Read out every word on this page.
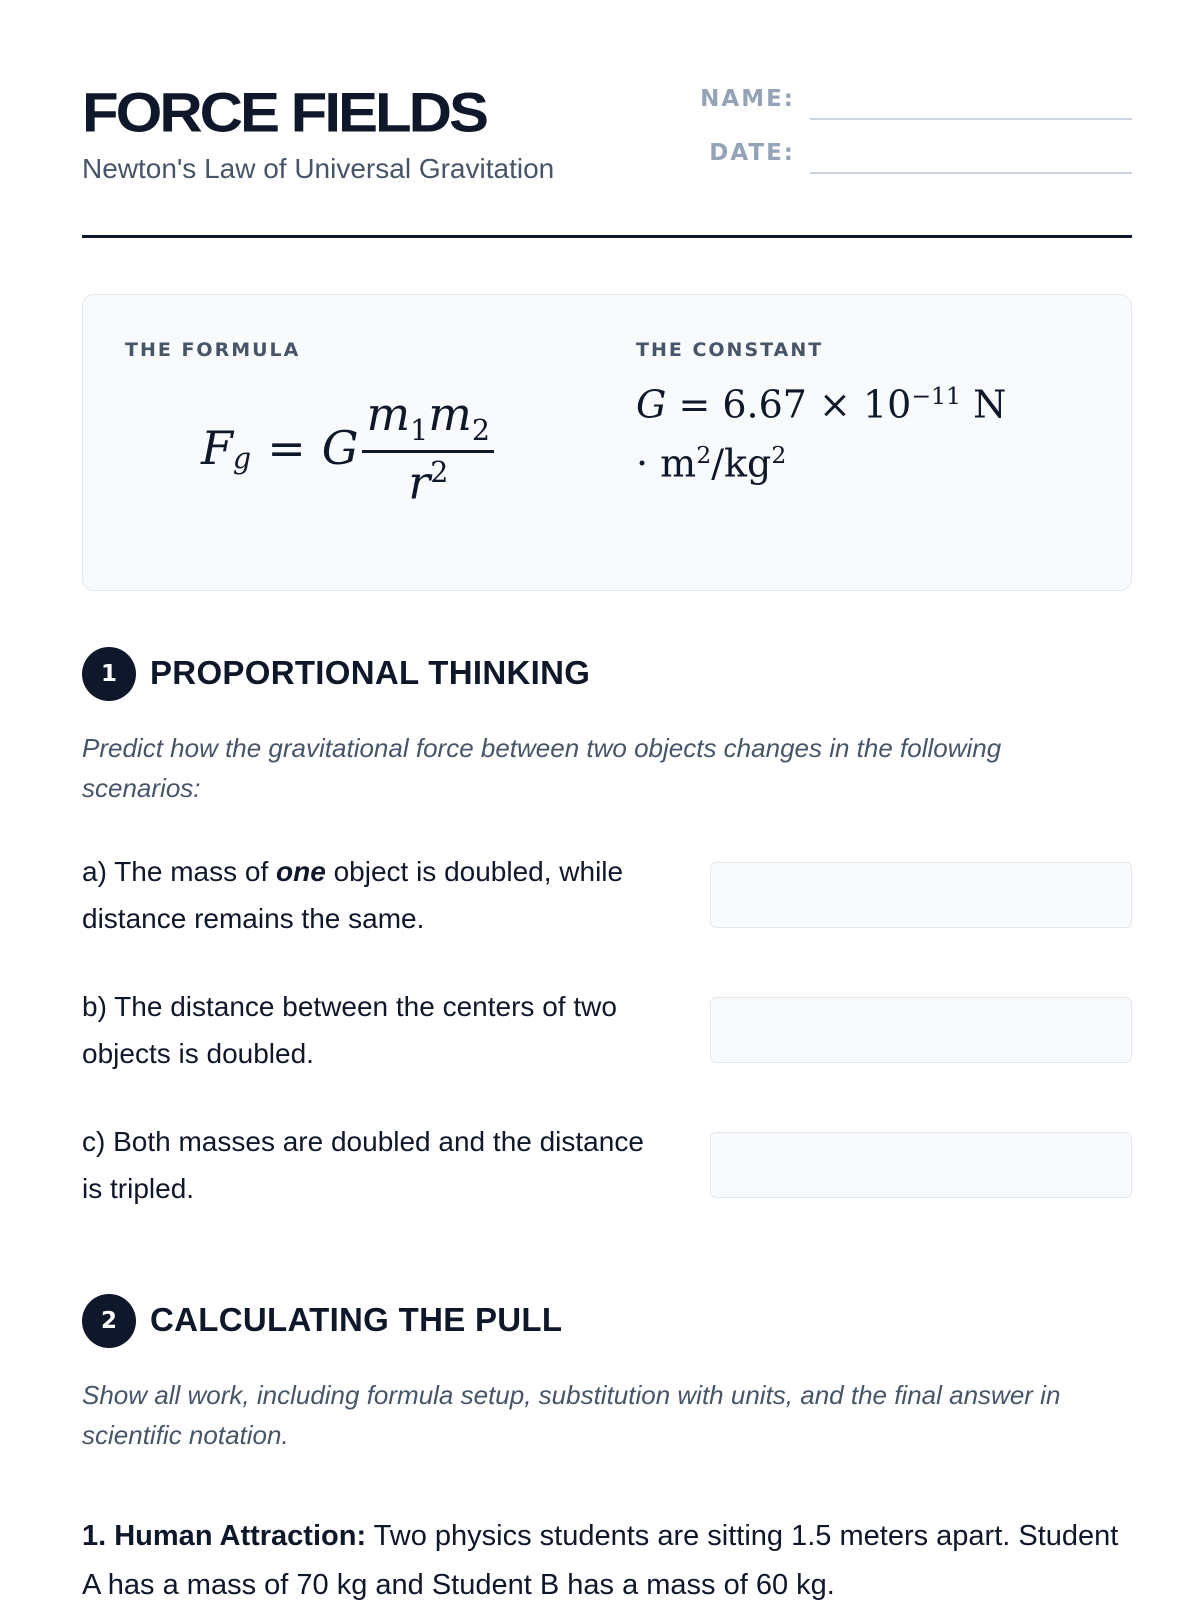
FORCE FIELDS
Newton's Law of Universal Gravitation
NAME:
DATE:
THE FORMULA	THE CONSTANT
F $_g$ = G $\frac{m_1m_2}{r^2}$	$G = 6.67 \times 10^{-11}$ N
· $m^2/kg^2$
1	PROPORTIONAL THINKING
Predict how the gravitational force between two objects changes in the following scenarios:
a) The mass of one object is doubled, while distance remains the same.
b) The distance between the centers of two objects is doubled.
c) Both masses are doubled and the distance is tripled.
2	CALCULATING THE PULL
Show all work, including formula setup, substitution with units, and the final answer in scientific notation.
1. Human Attraction: Two physics students are sitting 1.5 meters apart. Student A has a mass of 70 kg and Student B has a mass of 60 kg.
